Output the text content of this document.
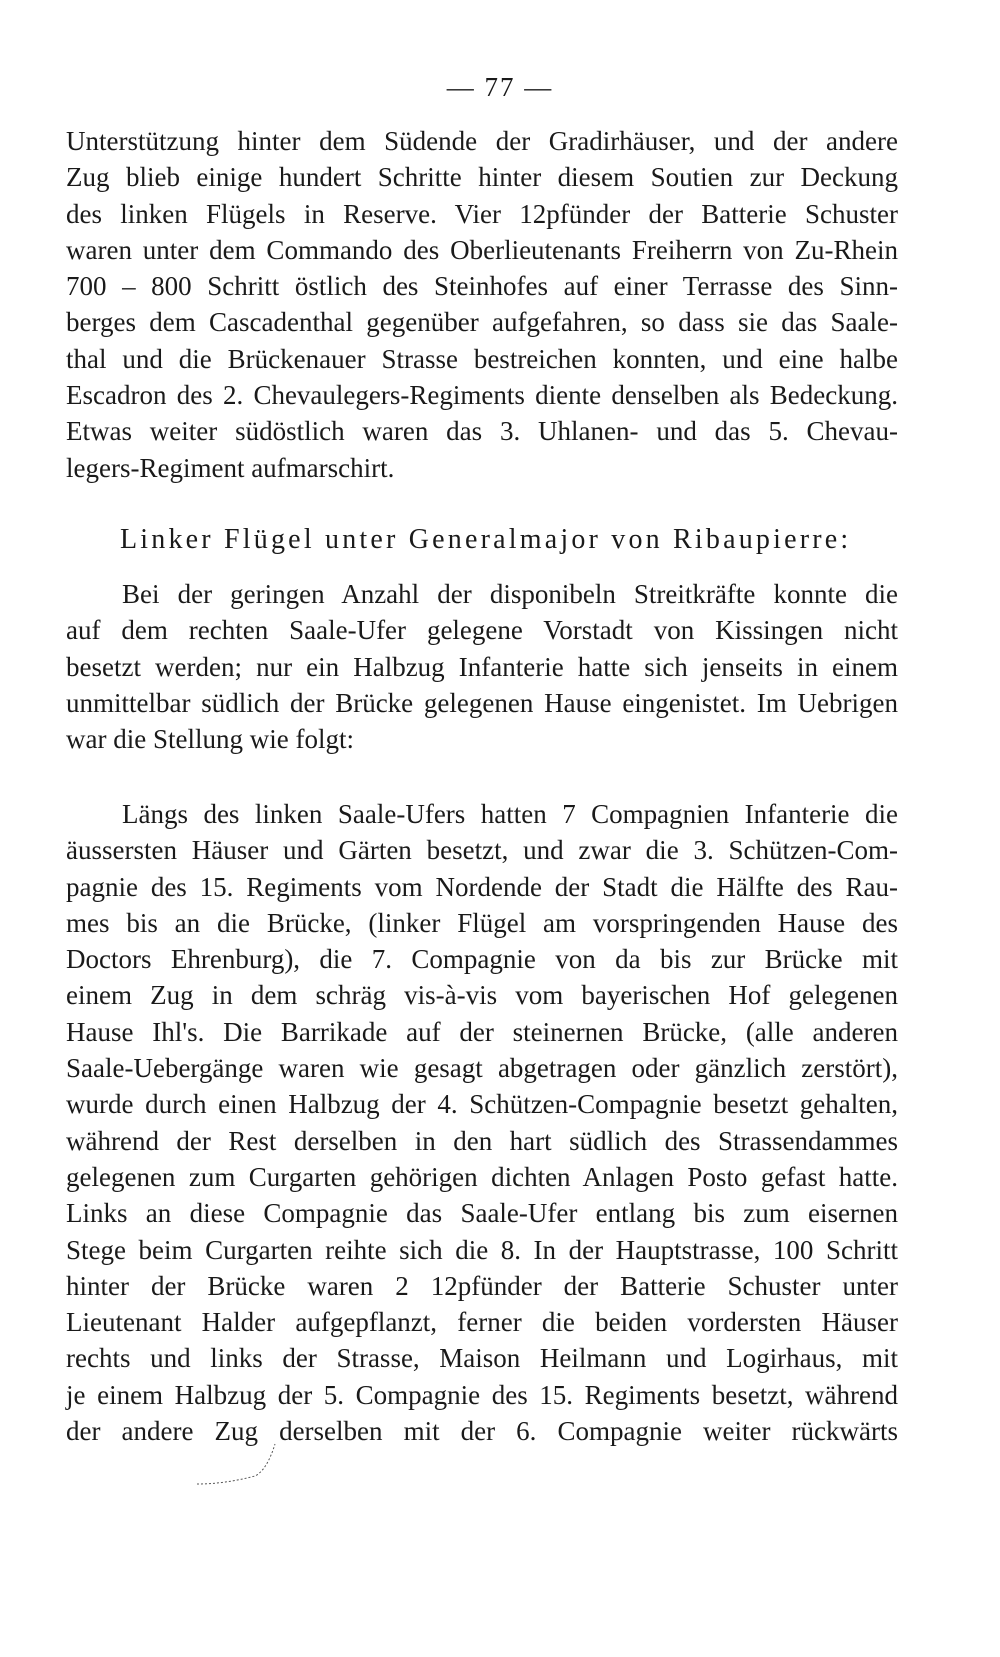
— 77 —
Unterstützung hinter dem Südende der Gradirhäuser, und der andere
Zug blieb einige hundert Schritte hinter diesem Soutien zur Deckung
des linken Flügels in Reserve. Vier 12pfünder der Batterie Schuster
waren unter dem Commando des Oberlieutenants Freiherrn von Zu-Rhein
700 – 800 Schritt östlich des Steinhofes auf einer Terrasse des Sinn-
berges dem Cascadenthal gegenüber aufgefahren, so dass sie das Saale-
thal und die Brückenauer Strasse bestreichen konnten, und eine halbe
Escadron des 2. Chevaulegers-Regiments diente denselben als Bedeckung.
Etwas weiter südöstlich waren das 3. Uhlanen- und das 5. Chevau-
legers-Regiment aufmarschirt.
Linker Flügel unter Generalmajor von Ribaupierre:
Bei der geringen Anzahl der disponibeln Streitkräfte konnte die
auf dem rechten Saale-Ufer gelegene Vorstadt von Kissingen nicht
besetzt werden; nur ein Halbzug Infanterie hatte sich jenseits in einem
unmittelbar südlich der Brücke gelegenen Hause eingenistet. Im Uebrigen
war die Stellung wie folgt:
Längs des linken Saale-Ufers hatten 7 Compagnien Infanterie die
äussersten Häuser und Gärten besetzt, und zwar die 3. Schützen-Com-
pagnie des 15. Regiments vom Nordende der Stadt die Hälfte des Rau-
mes bis an die Brücke, (linker Flügel am vorspringenden Hause des
Doctors Ehrenburg), die 7. Compagnie von da bis zur Brücke mit
einem Zug in dem schräg vis-à-vis vom bayerischen Hof gelegenen
Hause Ihl's. Die Barrikade auf der steinernen Brücke, (alle anderen
Saale-Uebergänge waren wie gesagt abgetragen oder gänzlich zerstört),
wurde durch einen Halbzug der 4. Schützen-Compagnie besetzt gehalten,
während der Rest derselben in den hart südlich des Strassendammes
gelegenen zum Curgarten gehörigen dichten Anlagen Posto gefast hatte.
Links an diese Compagnie das Saale-Ufer entlang bis zum eisernen
Stege beim Curgarten reihte sich die 8. In der Hauptstrasse, 100 Schritt
hinter der Brücke waren 2 12pfünder der Batterie Schuster unter
Lieutenant Halder aufgepflanzt, ferner die beiden vordersten Häuser
rechts und links der Strasse, Maison Heilmann und Logirhaus, mit
je einem Halbzug der 5. Compagnie des 15. Regiments besetzt, während
der andere Zug derselben mit der 6. Compagnie weiter rückwärts
